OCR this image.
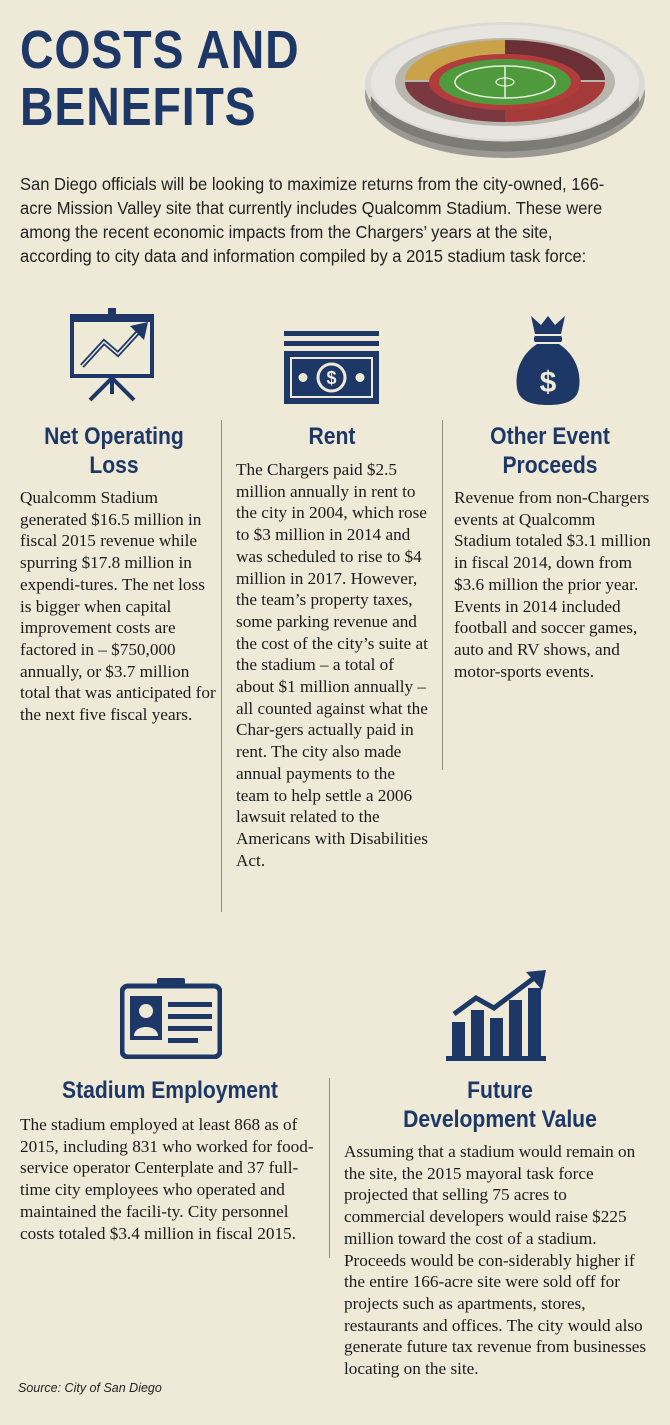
COSTS AND
BENEFITS

San Diego officials will be looking to maximize returns from the city-owned, 166-acre Mission Valley site that currently includes Qualcomm Stadium. These were among the recent economic impacts from the Chargers’ years at the site, according to city data and information compiled by a 2015 stadium task force:

Net Operating
Loss

Qualcomm Stadium generated $16.5 million in fiscal 2015 revenue while spurring $17.8 million in expendi-tures. The net loss is bigger when capital improvement costs are factored in – $750,000 annually, or $3.7 million total that was anticipated for the next five fiscal years.

$
Rent

The Chargers paid $2.5 million annually in rent to the city in 2004, which rose to $3 million in 2014 and was scheduled to rise to $4 million in 2017. However, the team’s property taxes, some parking revenue and the cost of the city’s suite at the stadium – a total of about $1 million annually – all counted against what the Char-gers actually paid in rent. The city also made annual payments to the team to help settle a 2006 lawsuit related to the Americans with Disabilities Act.

$
Other Event
Proceeds

Revenue from non-Chargers events at Qualcomm Stadium totaled $3.1 million in fiscal 2014, down from $3.6 million the prior year. Events in 2014 included football and soccer games, auto and RV shows, and motor-sports events.

Stadium Employment

The stadium employed at least 868 as of 2015, including 831 who worked for food-service operator Centerplate and 37 full-time city employees who operated and maintained the facili-ty. City personnel costs totaled $3.4 million in fiscal 2015.

Future
Development Value

Assuming that a stadium would remain on the site, the 2015 mayoral task force projected that selling 75 acres to commercial developers would raise $225 million toward the cost of a stadium. Proceeds would be con-siderably higher if the entire 166-acre site were sold off for projects such as apartments, stores, restaurants and offices. The city would also generate future tax revenue from businesses locating on the site.

Source: City of San Diego
